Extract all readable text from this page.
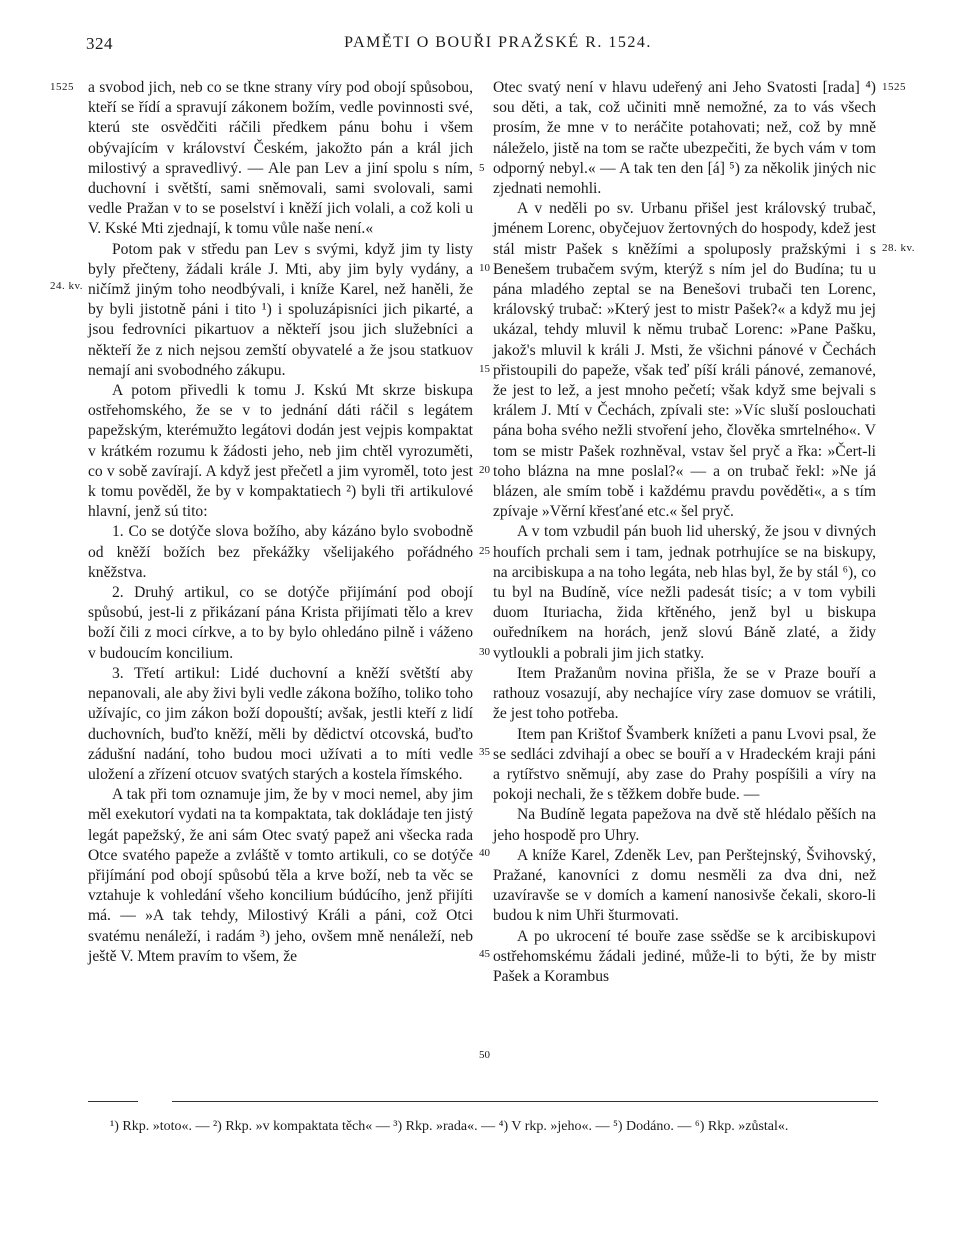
324	PAMĚTI O BOUŘI PRAŽSKÉ R. 1524.
1525	1525
24. kv.
28. kv.
5
10
15
20
25
30
35
40
45
50

a svobod jich, neb co se tkne strany víry pod obojí spůsobou, kteří se řídí a spravují zákonem božím, vedle povinnosti své, kterú ste osvědčiti ráčili předkem pánu bohu i všem obývajícím v království Českém, jakožto pán a král jich milostivý a spravedlivý. — Ale pan Lev a jiní spolu s ním, duchovní i světští, sami sněmovali, sami svolovali, sami vedle Pražan v to se poselství i kněží jich volali, a což koli u V. Kské Mti zjednají, k tomu vůle naše není.«

Potom pak v středu pan Lev s svými, když jim ty listy byly přečteny, žádali krále J. Mti, aby jim byly vydány, a ničímž jiným toho neodbývali, i kníže Karel, než haněli, že by byli jistotně páni i tito ¹) i spoluzápisníci jich pikarté, a jsou fedrovníci pikartuov a někteří jsou jich služebníci a někteří že z nich nejsou zemští obyvatelé a že jsou statkuov nemají ani svobodného zákupu.

A potom přivedli k tomu J. Kskú Mt skrze biskupa ostřehomského, že se v to jednání dáti ráčil s legátem papežským, kterémužto legátovi dodán jest vejpis kompaktat v krátkém rozumu k žádosti jeho, neb jim chtěl vyrozuměti, co v sobě zavírají. A když jest přečetl a jim vyroměl, toto jest k tomu pověděl, že by v kompaktatiech ²) byli tři artikulové hlavní, jenž sú tito:

1. Co se dotýče slova božího, aby kázáno bylo svobodně od kněží božích bez překážky všelijakého pořádného kněžstva.

2. Druhý artikul, co se dotýče přijímání pod obojí spůsobú, jest-li z přikázaní pána Krista přijímati tělo a krev boží čili z moci církve, a to by bylo ohledáno pilně i váženo v budoucím koncilium.

3. Třetí artikul: Lidé duchovní a kněží světští aby nepanovali, ale aby živi byli vedle zákona božího, toliko toho užívajíc, co jim zákon boží dopouští; avšak, jestli kteří z lidí duchovních, buďto kněží, měli by dědictví otcovská, buďto zádušní nadání, toho budou moci užívati a to míti vedle uložení a zřízení otcuov svatých starých a kostela římského.

A tak při tom oznamuje jim, že by v moci nemel, aby jim měl exekutorí vydati na ta kompaktata, tak dokládaje ten jistý legát papežský, že ani sám Otec svatý papež ani všecka rada Otce svatého papeže a zvláště v tomto artikuli, co se dotýče přijímání pod obojí spůsobú těla a krve boží, neb ta věc se vztahuje k vohledání všeho koncilium búdúcího, jenž přijíti má. — »A tak tehdy, Milostivý Králi a páni, což Otci svatému nenáleží, i radám ³) jeho, ovšem mně nenáleží, neb ještě V. Mtem pravím to všem, že

Otec svatý není v hlavu udeřený ani Jeho Svatosti [rada] ⁴) sou děti, a tak, což učiniti mně nemožné, za to vás všech prosím, že mne v to neráčite potahovati; než, což by mně náleželo, jistě na tom se račte ubezpečiti, že bych vám v tom odporný nebyl.« — A tak ten den [á] ⁵) za několik jiných nic zjednati nemohli.

A v neděli po sv. Urbanu přišel jest královský trubač, jménem Lorenc, obyčejuov žertovných do hospody, kdež jest stál mistr Pašek s kněžími a spoluposly pražskými i s Benešem trubačem svým, kterýž s ním jel do Budína; tu u pána mladého zeptal se na Benešovi trubači ten Lorenc, královský trubač: »Který jest to mistr Pašek?« a když mu jej ukázal, tehdy mluvil k němu trubač Lorenc: »Pane Pašku, jakož's mluvil k králi J. Msti, že všichni pánové v Čechách přistoupili do papeže, však teď píší králi pánové, zemanové, že jest to lež, a jest mnoho pečetí; však když sme bejvali s králem J. Mtí v Čechách, zpívali ste: »Víc sluší poslouchati pána boha svého nežli stvoření jeho, člověka smrtelného«. V tom se mistr Pašek rozhněval, vstav šel pryč a řka: »Čert-li toho blázna na mne poslal?« — a on trubač řekl: »Ne já blázen, ale smím tobě i každému pravdu pověděti«, a s tím zpívaje »Věrní křesťané etc.« šel pryč.

A v tom vzbudil pán buoh lid uherský, že jsou v divných houfích prchali sem i tam, jednak potrhujíce se na biskupy, na arcibiskupa a na toho legáta, neb hlas byl, že by stál ⁶), co tu byl na Budíně, více nežli padesát tisíc; a v tom vybili duom Ituriacha, žida křtěného, jenž byl u biskupa ouředníkem na horách, jenž slovú Báně zlaté, a židy vytloukli a pobrali jim jich statky.

Item Pražanům novina přišla, že se v Praze bouří a rathouz vosazují, aby nechajíce víry zase domuov se vrátili, že jest toho potřeba.

Item pan Krištof Švamberk knížeti a panu Lvovi psal, že se sedláci zdvihají a obec se bouří a v Hradeckém kraji páni a rytířstvo sněmují, aby zase do Prahy pospíšili a víry na pokoji nechali, že s těžkem dobře bude. —

Na Budíně legata papežova na dvě stě hlédalo pěších na jeho hospodě pro Uhry.

A kníže Karel, Zdeněk Lev, pan Perštejnský, Švihovský, Pražané, kanovníci z domu nesměli za dva dni, než uzavíravše se v domích a kamení nanosivše čekali, skoro-li budou k nim Uhři šturmovati.

A po ukrocení té bouře zase ssědše se k arcibiskupovi ostřehomskému žádali jediné, může-li to býti, že by mistr Pašek a Korambus

¹) Rkp. »toto«. — ²) Rkp. »v kompaktata těch« — ³) Rkp. »rada«. — ⁴) V rkp. »jeho«. — ⁵) Dodáno. — ⁶) Rkp. »zůstal«.
